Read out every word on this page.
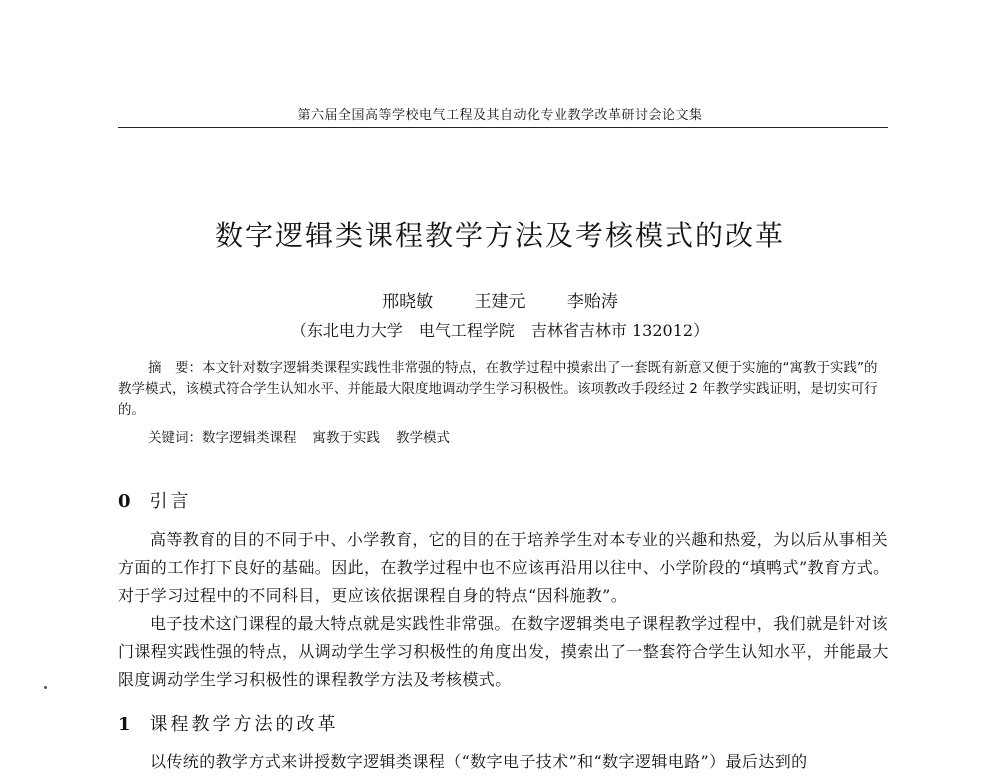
第六届全国高等学校电气工程及其自动化专业教学改革研讨会论文集
数字逻辑类课程教学方法及考核模式的改革
邢晓敏 王建元 李贻涛
（东北电力大学　电气工程学院　吉林省吉林市 132012）
摘　要：本文针对数字逻辑类课程实践性非常强的特点，在教学过程中摸索出了一套既有新意又便于实施的“寓教于实践”的教学模式，该模式符合学生认知水平、并能最大限度地调动学生学习积极性。该项教改手段经过 2 年教学实践证明，是切实可行的。
关键词：数字逻辑类课程 寓教于实践 教学模式
0 引言

高等教育的目的不同于中、小学教育，它的目的在于培养学生对本专业的兴趣和热爱，为以后从事相关方面的工作打下良好的基础。因此，在教学过程中也不应该再沿用以往中、小学阶段的“填鸭式”教育方式。对于学习过程中的不同科目，更应该依据课程自身的特点“因科施教”。

电子技术这门课程的最大特点就是实践性非常强。在数字逻辑类电子课程教学过程中，我们就是针对该门课程实践性强的特点，从调动学生学习积极性的角度出发，摸索出了一整套符合学生认知水平，并能最大限度调动学生学习积极性的课程教学方法及考核模式。

1 课程教学方法的改革
以传统的教学方式来讲授数字逻辑类课程（“数字电子技术”和“数字逻辑电路”）最后达到的
